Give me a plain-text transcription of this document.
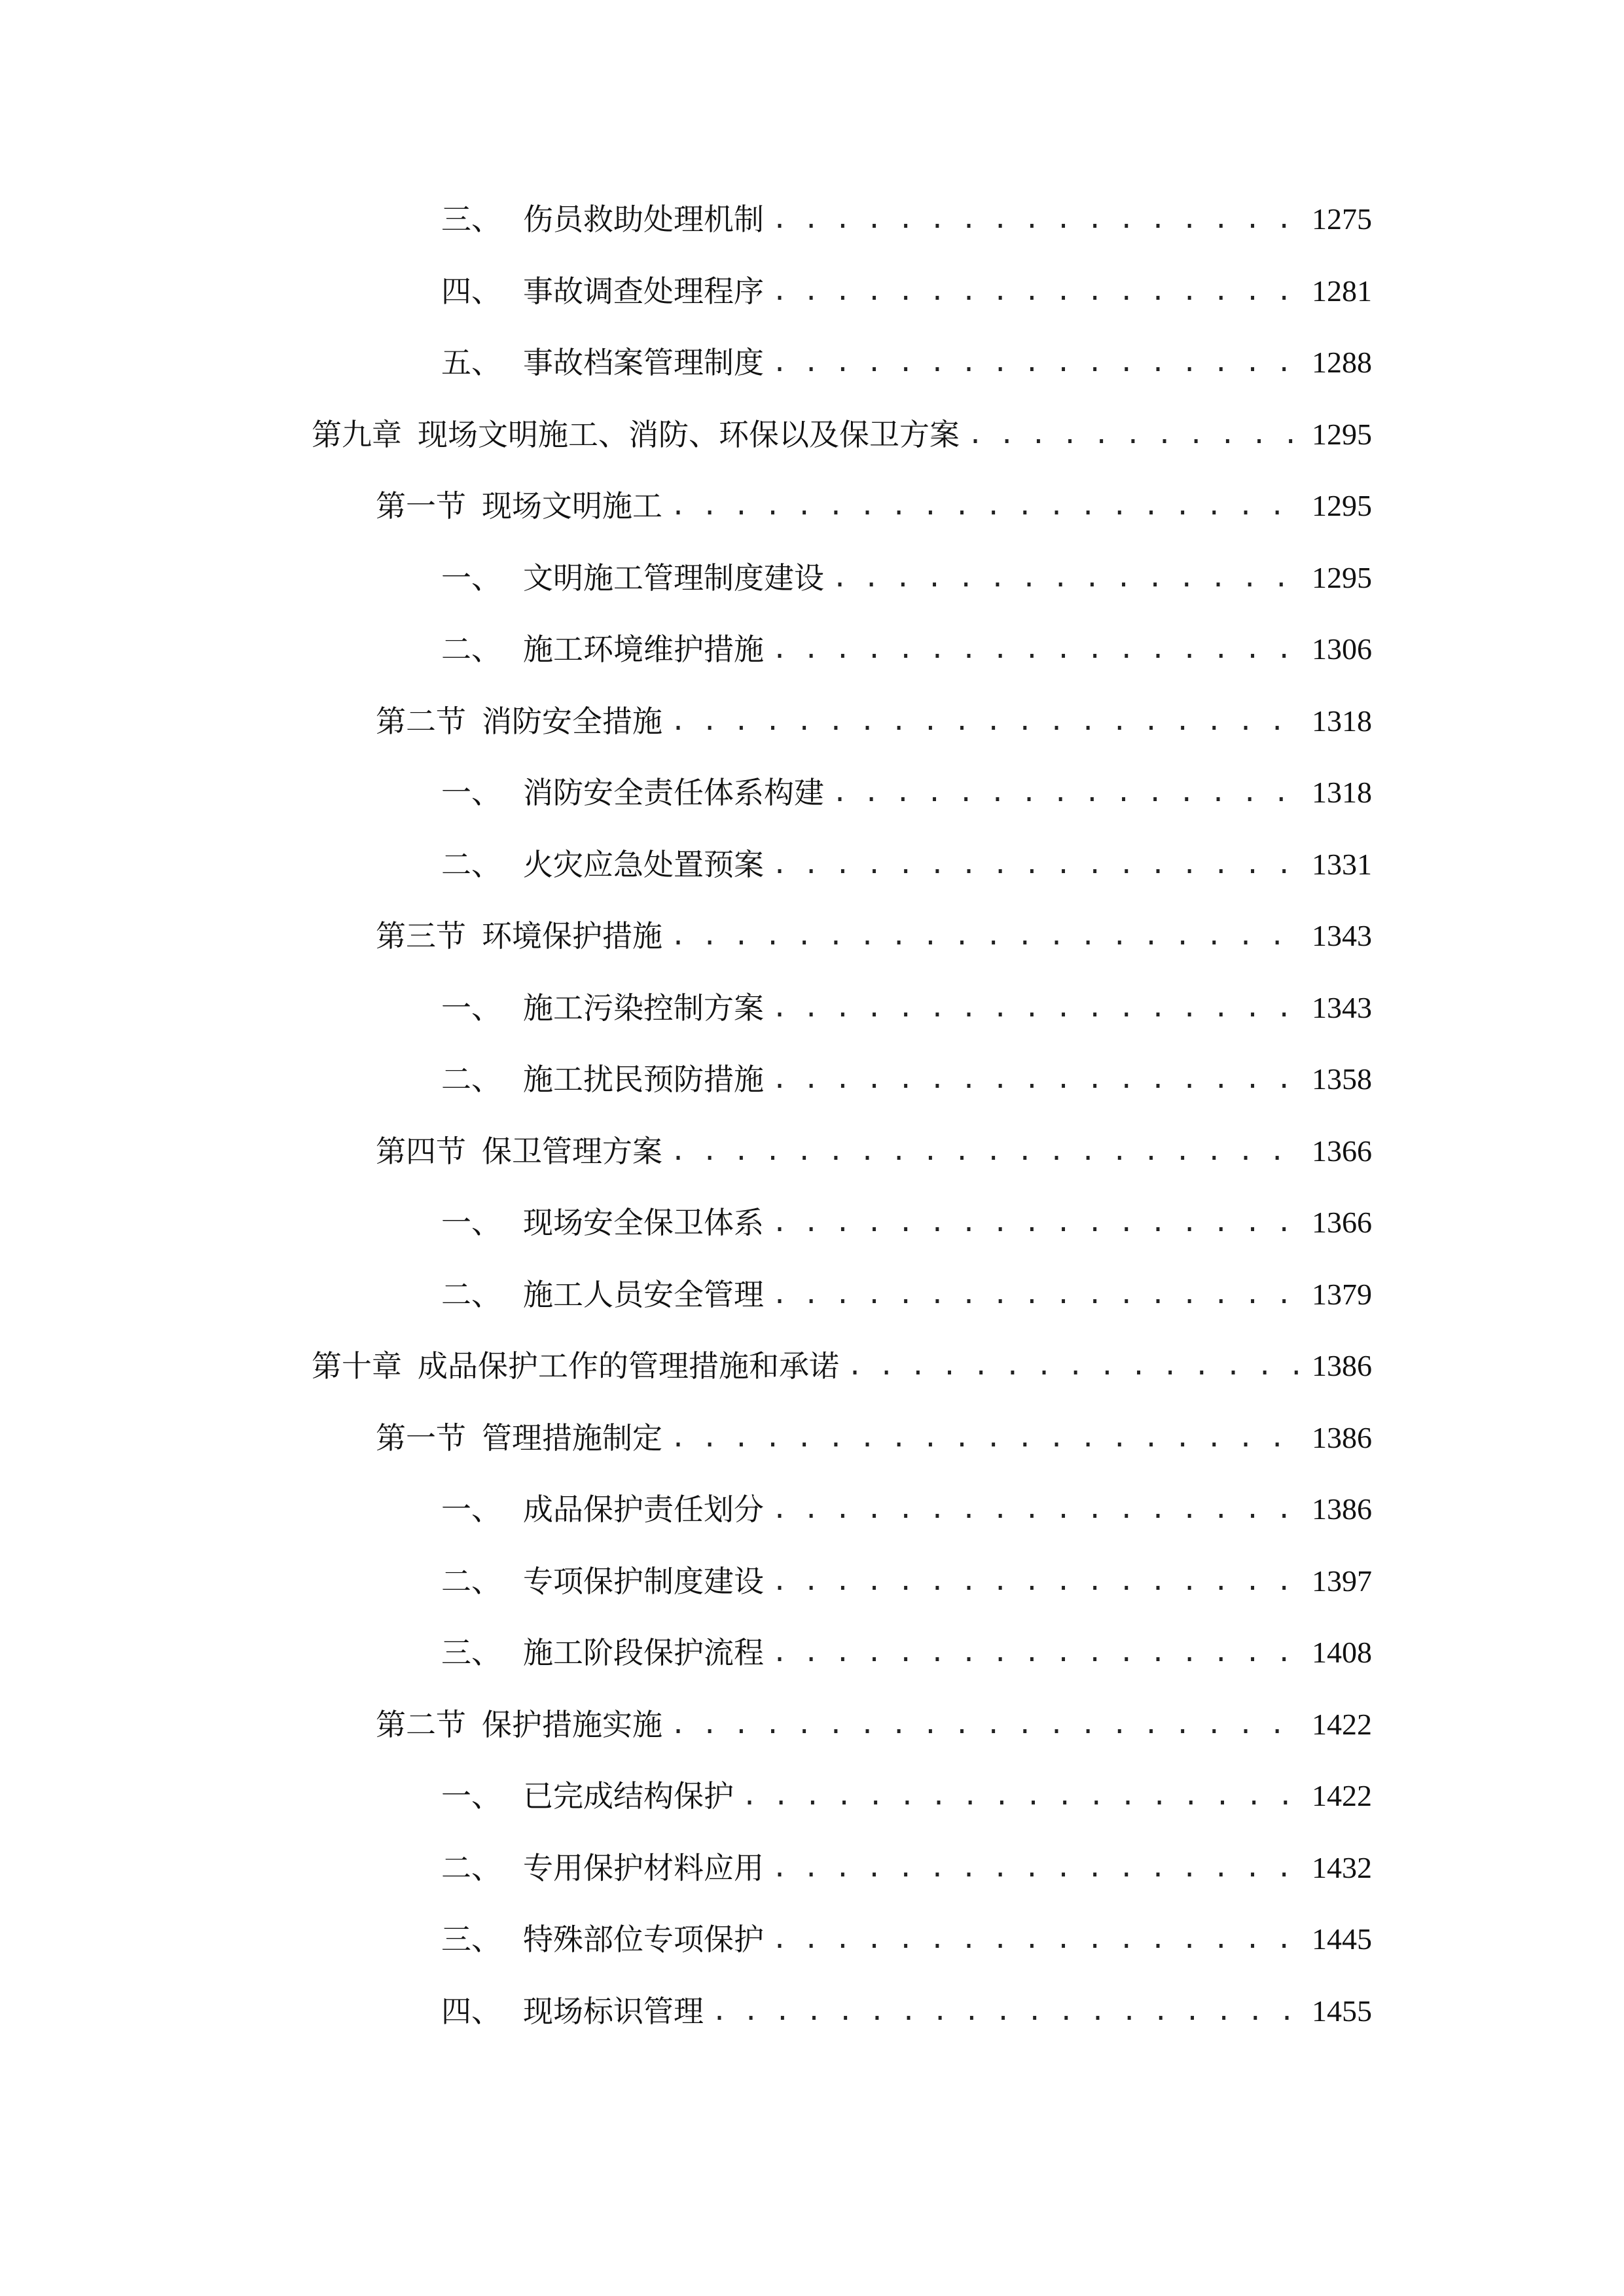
三、 伤员救助处理机制 . . .	1275
四、 事故调查处理程序 . . .	1281
五、 事故档案管理制度 . . .	1288
第九章 现场文明施工、消防、环保以及保卫方案 . . .	1295
第一节 现场文明施工 . . .	1295
一、 文明施工管理制度建设 . . .	1295
二、 施工环境维护措施 . . .	1306
第二节 消防安全措施 . . .	1318
一、 消防安全责任体系构建 . . .	1318
二、 火灾应急处置预案 . . .	1331
第三节 环境保护措施 . . .	1343
一、 施工污染控制方案 . . .	1343
二、 施工扰民预防措施 . . .	1358
第四节 保卫管理方案 . . .	1366
一、 现场安全保卫体系 . . .	1366
二、 施工人员安全管理 . . .	1379
第十章 成品保护工作的管理措施和承诺 . . .	1386
第一节 管理措施制定 . . .	1386
一、 成品保护责任划分 . . .	1386
二、 专项保护制度建设 . . .	1397
三、 施工阶段保护流程 . . .	1408
第二节 保护措施实施 . . .	1422
一、 已完成结构保护 . . .	1422
二、 专用保护材料应用 . . .	1432
三、 特殊部位专项保护 . . .	1445
四、 现场标识管理 . . .	1455
